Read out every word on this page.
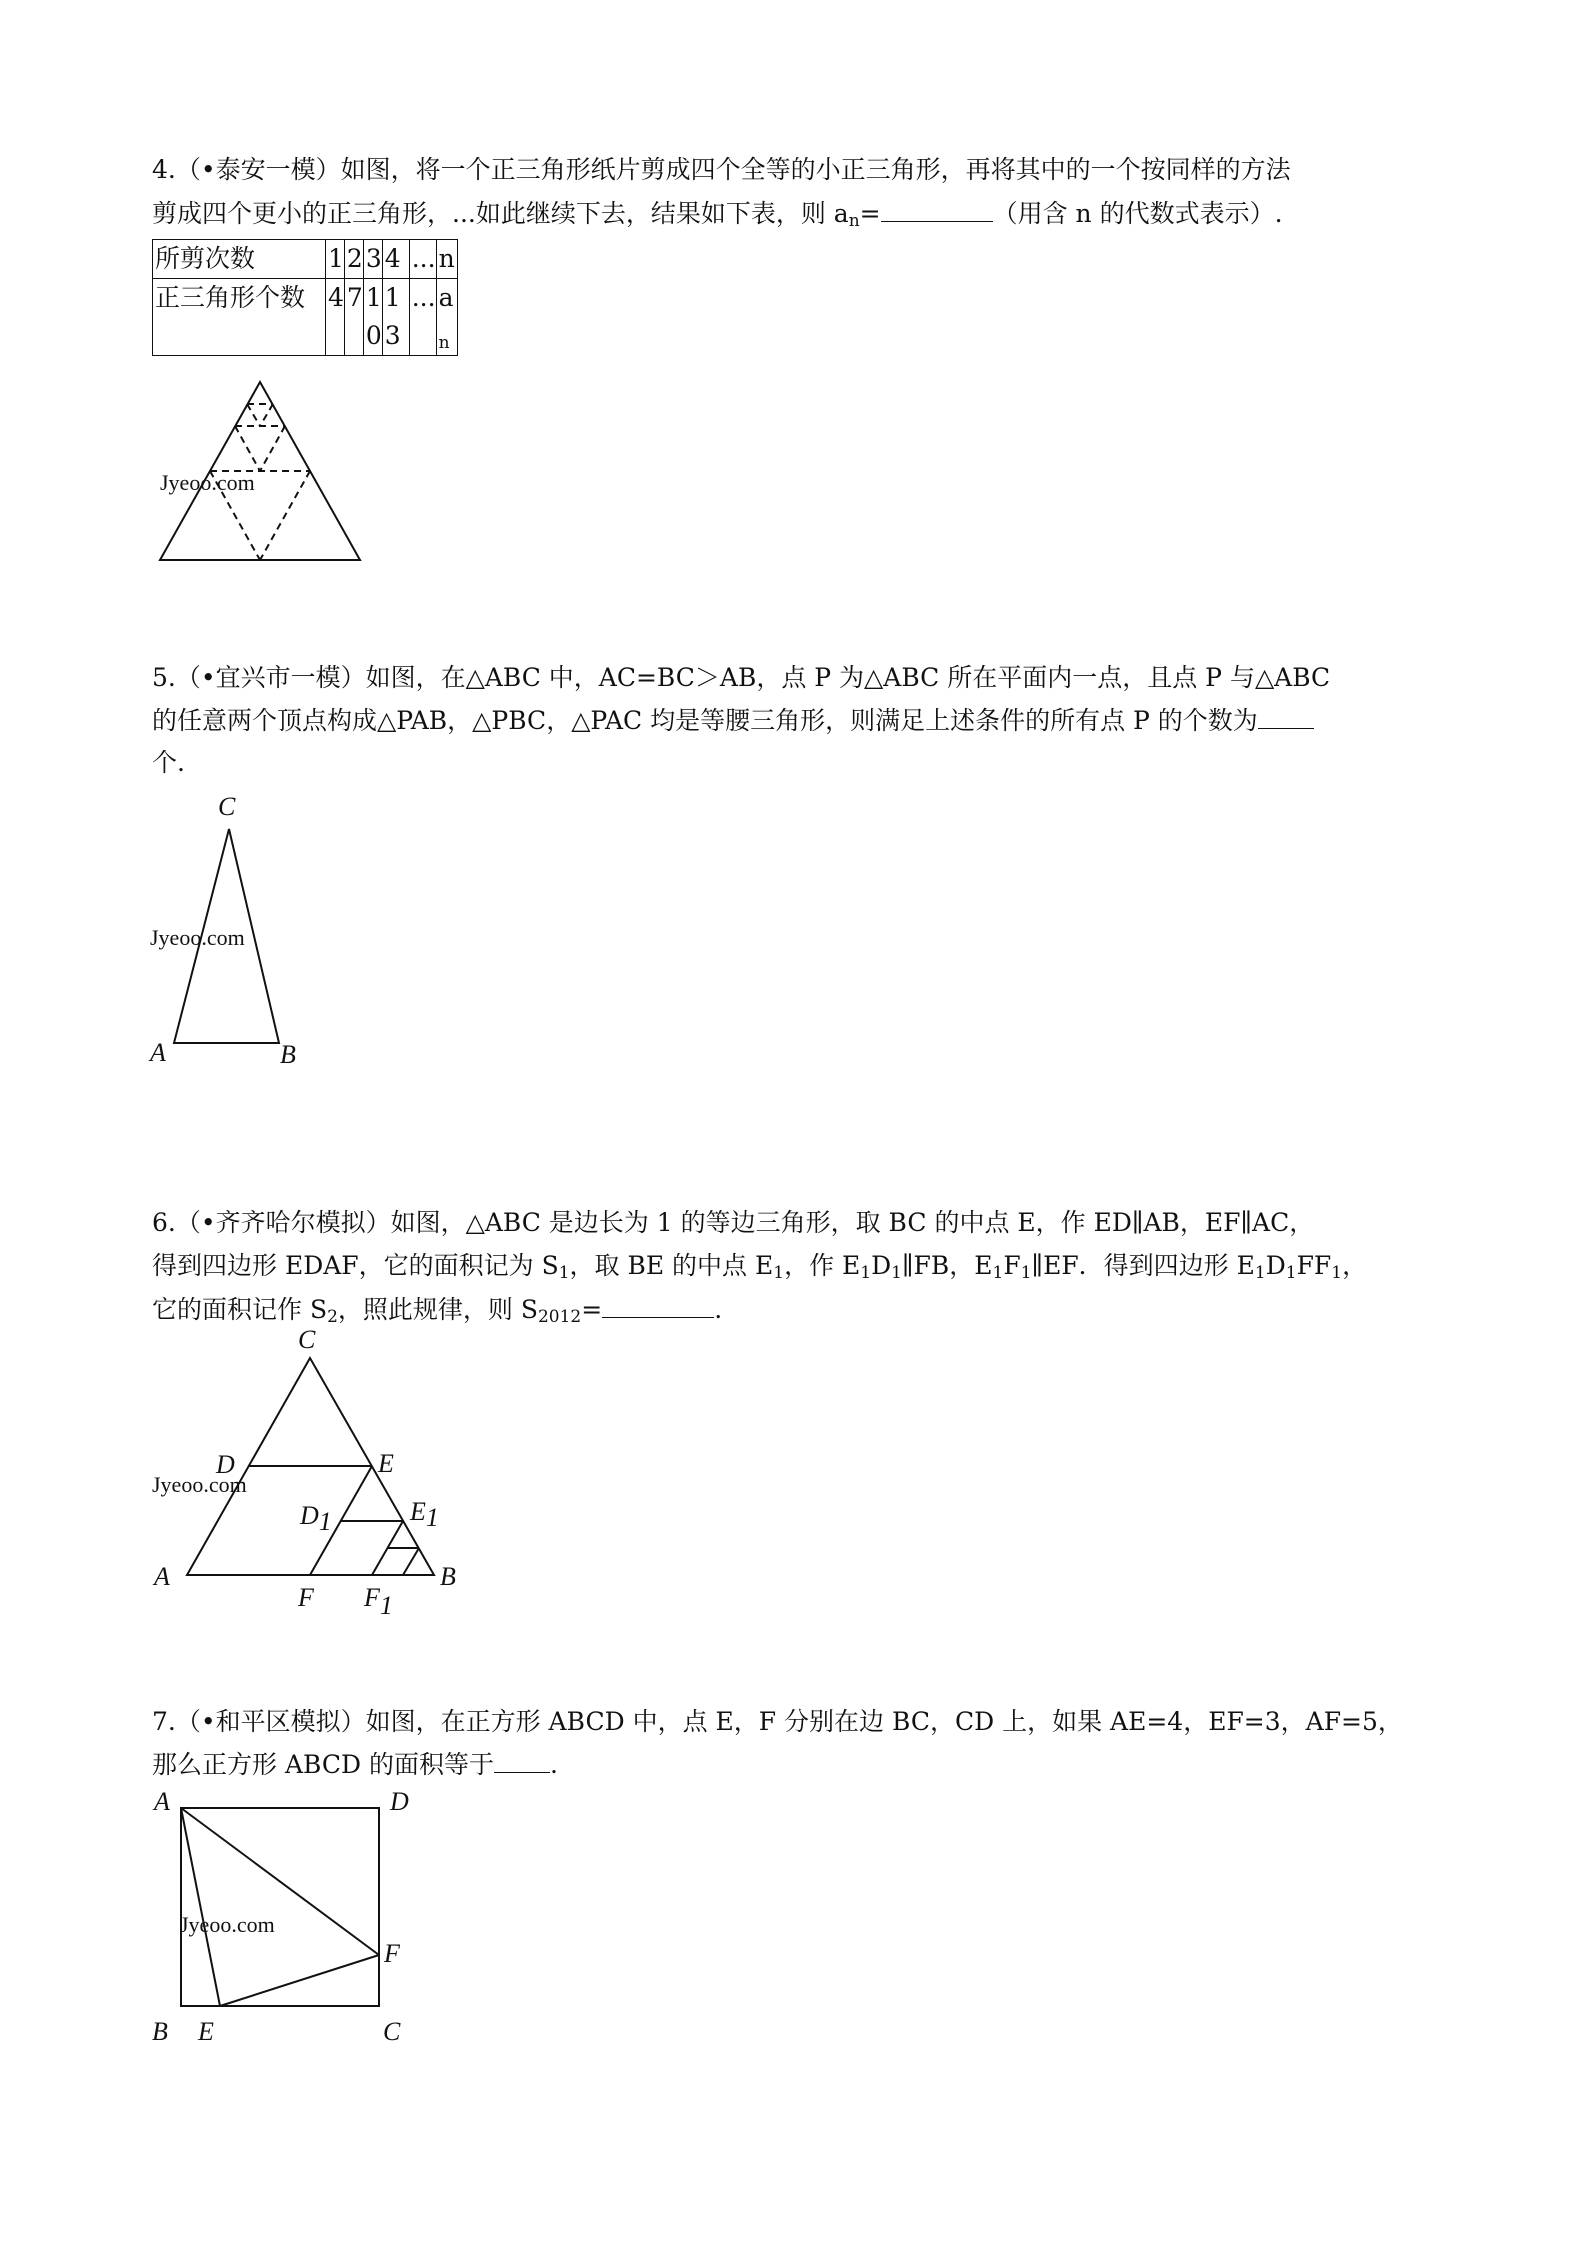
4.（•泰安一模）如图，将一个正三角形纸片剪成四个全等的小正三角形，再将其中的一个按同样的方法

剪成四个更小的正三角形，...如此继续下去，结果如下表，则 $a_n=$	（用含 n 的代数式表示）.

所剪次数	1	2	3	4	...	n
正三角形个数	4	7	10	13	...	$a_n$
Jyeoo.com

5.（•宜兴市一模）如图，在△ABC 中，AC=BC＞AB，点 P 为△ABC 所在平面内一点，且点 P 与△ABC

的任意两个顶点构成△PAB，△PBC，△PAC 均是等腰三角形，则满足上述条件的所有点 P 的个数为

个.

Jyeoo.com
C
A	B

6.（•齐齐哈尔模拟）如图，△ABC 是边长为 1 的等边三角形，取 BC 的中点 E，作 ED∥AB，EF∥AC，

得到四边形 EDAF，它的面积记为 $S_1$，取 BE 的中点 $E_1$，作 $E_1D_1\parallel FB$，$E_1F_1\parallel EF$．得到四边形 $E_1D_1FF_1$，

它的面积记作 $S_2$，照此规律，则 $S_{2012}=$	.

Jyeoo.com
C
D	E
D1	E1
A
F F1
B

7.（•和平区模拟）如图，在正方形 ABCD 中，点 E，F 分别在边 BC，CD 上，如果 AE=4，EF=3，AF=5，

那么正方形 ABCD 的面积等于 .

Jyeoo.com
A	D
F
B E	C
